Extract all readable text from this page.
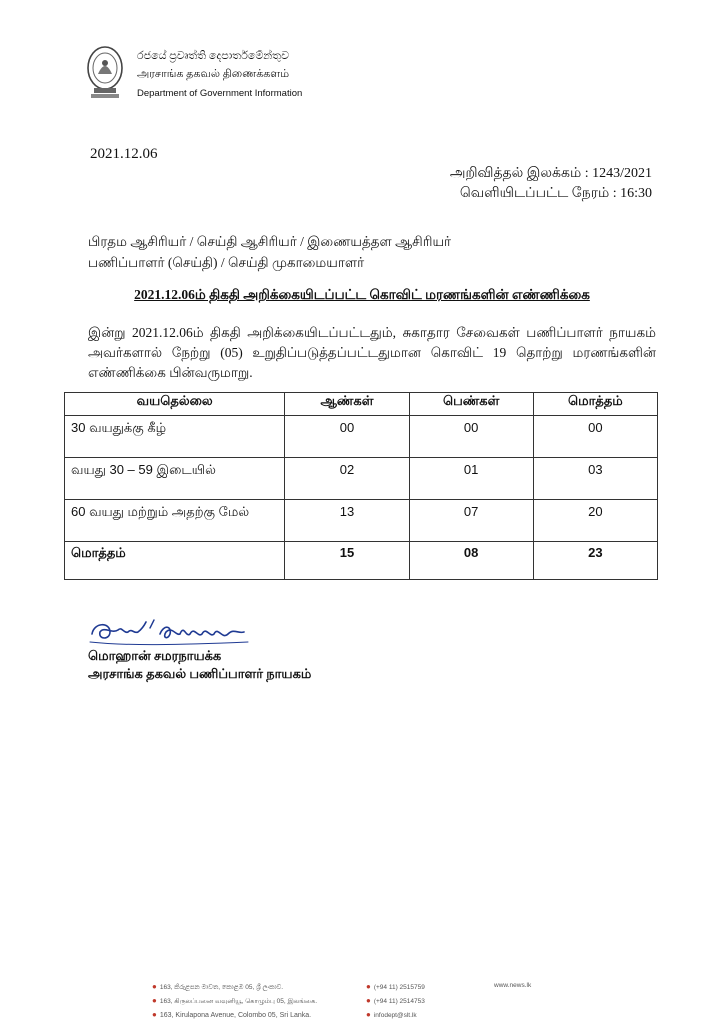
රජයේ ප්‍රවෘත්ති දෙපාර්තමේන්තුව
அரசாங்க தகவல் திணைக்களம்
Department of Government Information
2021.12.06
அறிவித்தல் இலக்கம் : 1243/2021
வெளியிடப்பட்ட நேரம் : 16:30
பிரதம ஆசிரியர் / செய்தி ஆசிரியர் / இணையத்தள ஆசிரியர்
பணிப்பாளர் (செய்தி) / செய்தி முகாமையாளர்
2021.12.06ம் திகதி அறிக்கையிடப்பட்ட கொவிட் மரணங்களின் எண்ணிக்கை
இன்று 2021.12.06ம் திகதி அறிக்கையிடப்பட்டதும், சுகாதார சேவைகள் பணிப்பாளர் நாயகம் அவர்களால் நேற்று (05) உறுதிப்படுத்தப்பட்டதுமான கொவிட் 19 தொற்று மரணங்களின் எண்ணிக்கை பின்வருமாறு.
வயதெல்லை	ஆண்கள்	பெண்கள்	மொத்தம்
30 வயதுக்கு கீழ்	00	00	00
வயது 30 – 59 இடையில்	02	01	03
60 வயது மற்றும் அதற்கு மேல்	13	07	20
மொத்தம்	15	08	23
மொஹான் சமரநாயக்க
அரசாங்க தகவல் பணிப்பாளர் நாயகம்
● 163, කිරුළපන මාවත, කොළඹ 05, ශ්‍රී ලංකාව.
● 163, கிருலப்பனை வவுனியூ, கொழும்பு 05, இலங்கை.
● 163, Kirulapona Avenue, Colombo 05, Sri Lanka.
● (+94 11) 2515759
● (+94 11) 2514753
● infodept@slt.lk
www.news.lk
